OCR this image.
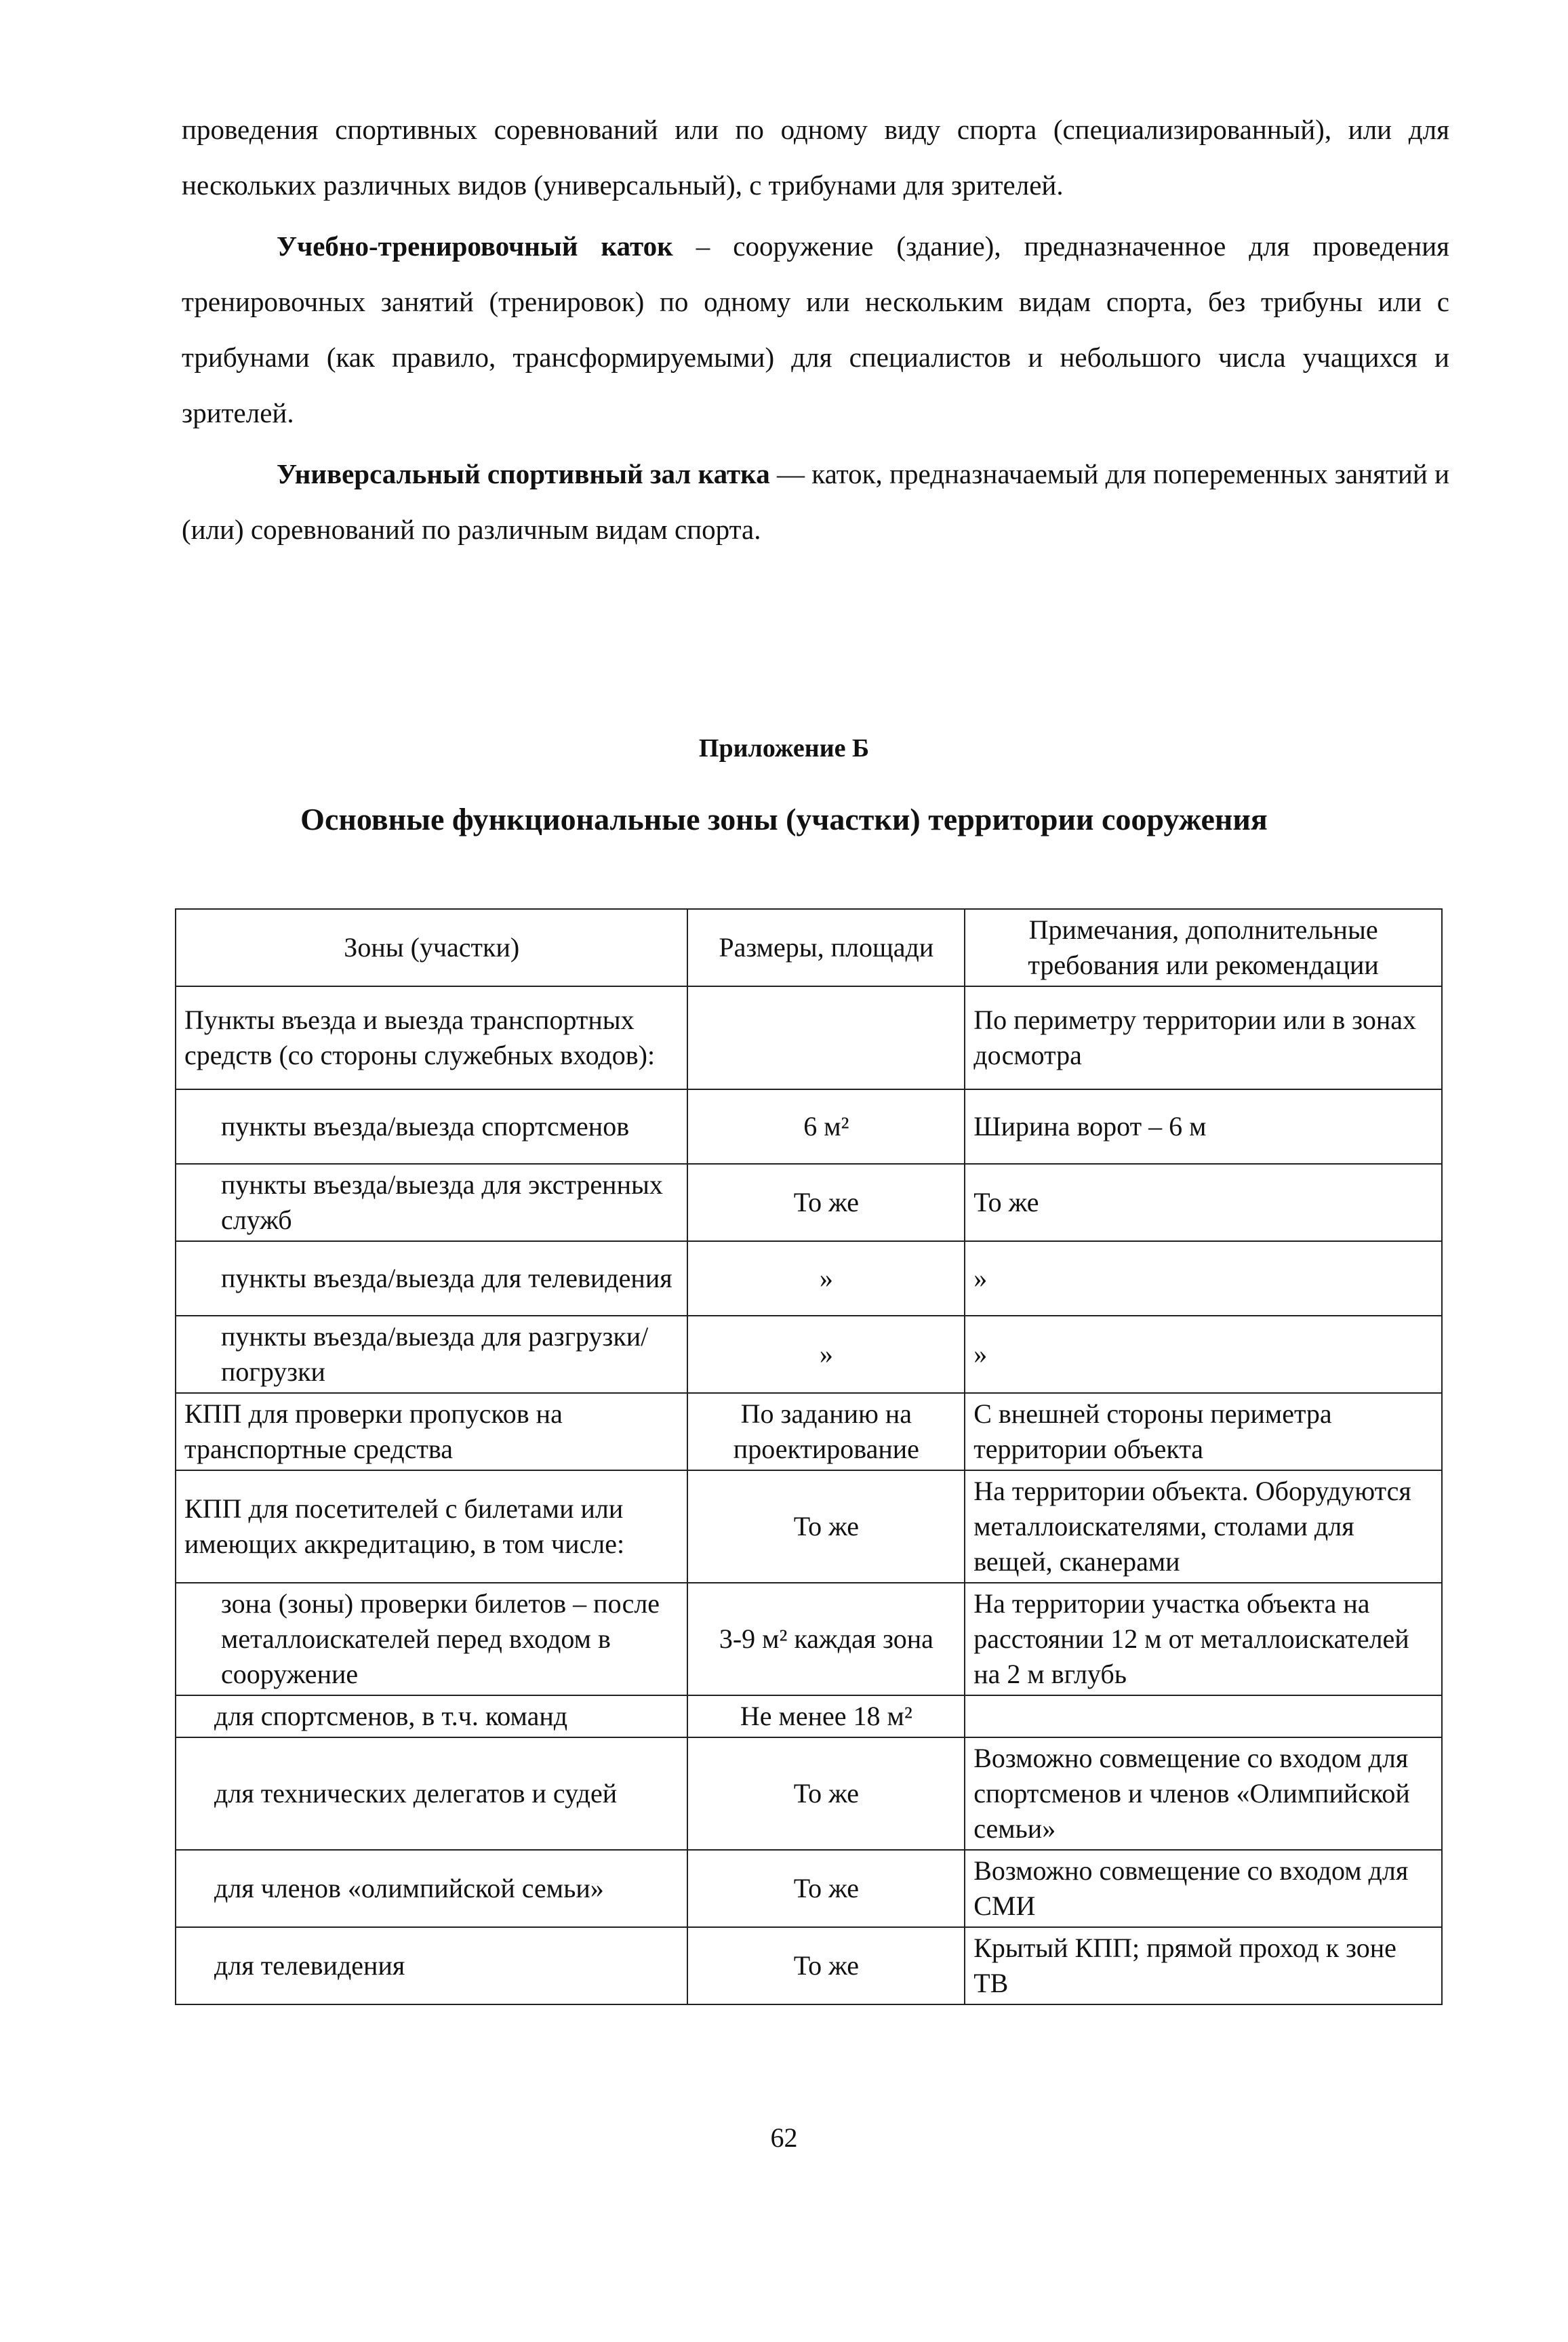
проведения спортивных соревнований или по одному виду спорта (специализированный), или для нескольких различных видов (универсальный), с трибунами для зрителей.

Учебно-тренировочный каток – сооружение (здание), предназначенное для проведения тренировочных занятий (тренировок) по одному или нескольким видам спорта, без трибуны или с трибунами (как правило, трансформируемыми) для специалистов и небольшого числа учащихся и зрителей.

Универсальный спортивный зал катка — каток, предназначаемый для попеременных занятий и (или) соревнований по различным видам спорта.

Приложение Б
Основные функциональные зоны (участки) территории сооружения
Зоны (участки)	Размеры, площади	Примечания, дополнительные требования или рекомендации
Пункты въезда и выезда транспортных средств (со стороны служебных входов):		По периметру территории или в зонах досмотра
пункты въезда/выезда спортсменов	6 м²	Ширина ворот – 6 м
пункты въезда/выезда для экстренных служб	То же	То же
пункты въезда/выезда для телевидения	»	»
пункты въезда/выезда для разгрузки/погрузки	»	»
КПП для проверки пропусков на транспортные средства	По заданию на проектирование	С внешней стороны периметра территории объекта
КПП для посетителей с билетами или имеющих аккредитацию, в том числе:	То же	На территории объекта. Оборудуются металлоискателями, столами для вещей, сканерами
зона (зоны) проверки билетов – после металлоискателей перед входом в сооружение	3-9 м² каждая зона	На территории участка объекта на расстоянии 12 м от металлоискателей на 2 м вглубь
для спортсменов, в т.ч. команд	Не менее 18 м²	
для технических делегатов и судей	То же	Возможно совмещение со входом для спортсменов и членов «Олимпийской семьи»
для членов «олимпийской семьи»	То же	Возможно совмещение со входом для СМИ
для телевидения	То же	Крытый КПП; прямой проход к зоне ТВ
62
